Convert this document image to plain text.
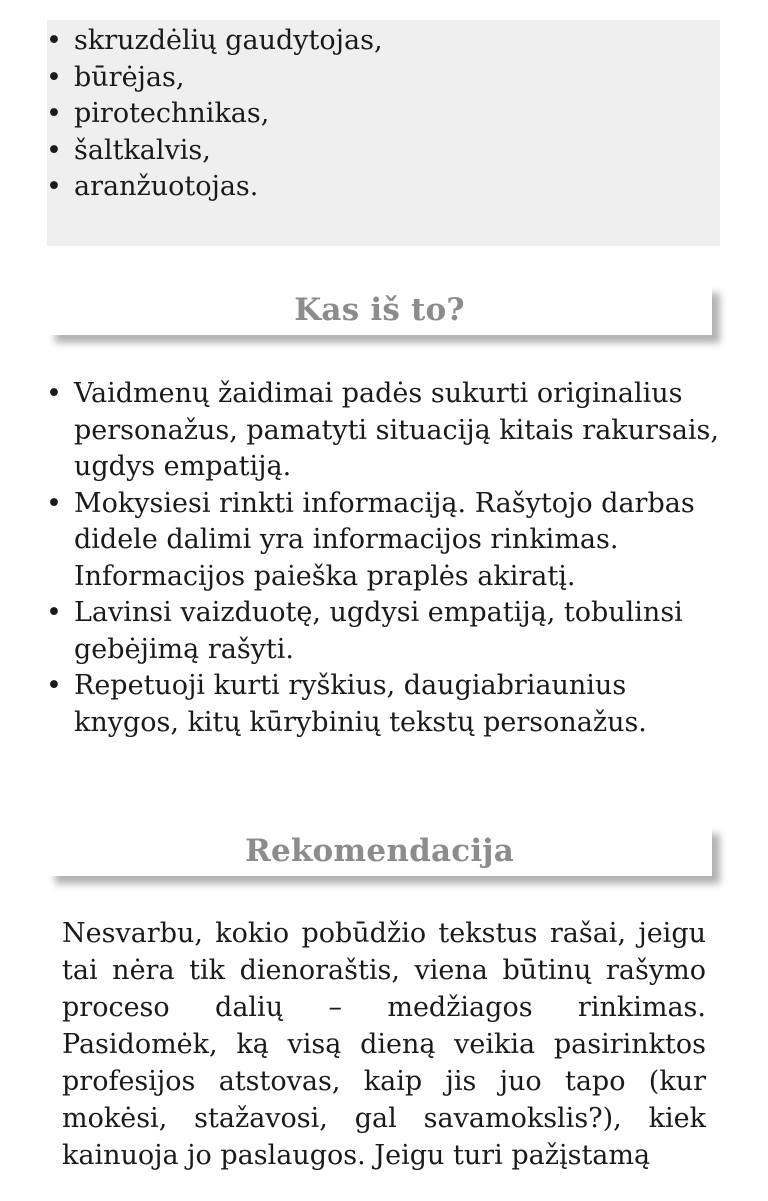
• skruzdėlių gaudytojas,
• būrėjas,
• pirotechnikas,
• šaltkalvis,
• aranžuotojas.
Kas iš to?
• Vaidmenų žaidimai padės sukurti originalius personažus, pamatyti situaciją kitais rakursais, ugdys empatiją.
• Mokysiesi rinkti informaciją. Rašytojo darbas didele dalimi yra informacijos rinkimas. Informacijos paieška praplės akiratį.
• Lavinsi vaizduotę, ugdysi empatiją, tobulinsi gebėjimą rašyti.
• Repetuoji kurti ryškius, daugiabriaunius knygos, kitų kūrybinių tekstų personažus.
Rekomendacija

Nesvarbu, kokio pobūdžio tekstus rašai, jeigu tai nėra tik dienoraštis, viena būtinų rašymo proceso dalių – medžiagos rinkimas. Pasidomėk, ką visą dieną veikia pasirinktos profesijos atstovas, kaip jis juo tapo (kur mokėsi, stažavosi, gal savamokslis?), kiek kainuoja jo paslaugos. Jeigu turi pažįstamą
